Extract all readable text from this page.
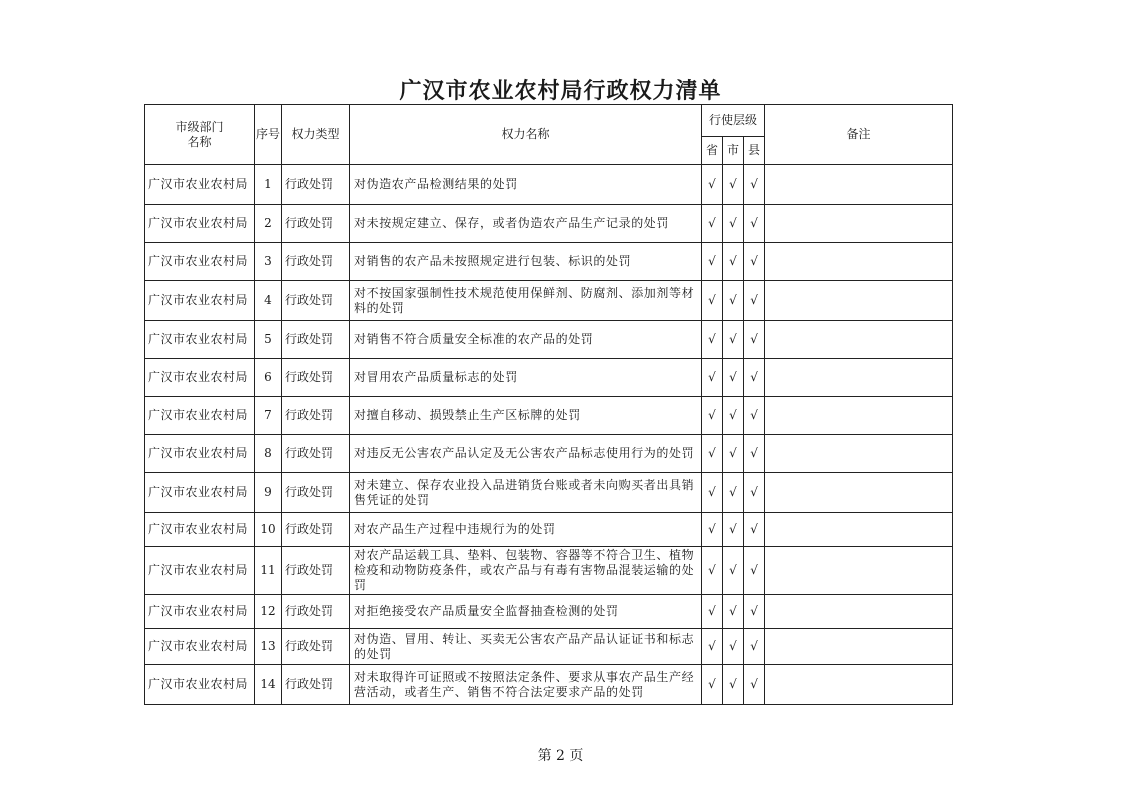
广汉市农业农村局行政权力清单
市级部门名称	序号	权力类型	权力名称	行使层级			备注
				省	市	县	
广汉市农业农村局	1	行政处罚	对伪造农产品检测结果的处罚	√	√	√	
广汉市农业农村局	2	行政处罚	对未按规定建立、保存，或者伪造农产品生产记录的处罚	√	√	√	
广汉市农业农村局	3	行政处罚	对销售的农产品未按照规定进行包装、标识的处罚	√	√	√	
广汉市农业农村局	4	行政处罚	对不按国家强制性技术规范使用保鲜剂、防腐剂、添加剂等材料的处罚	√	√	√	
广汉市农业农村局	5	行政处罚	对销售不符合质量安全标准的农产品的处罚	√	√	√	
广汉市农业农村局	6	行政处罚	对冒用农产品质量标志的处罚	√	√	√	
广汉市农业农村局	7	行政处罚	对擅自移动、损毁禁止生产区标牌的处罚	√	√	√	
广汉市农业农村局	8	行政处罚	对违反无公害农产品认定及无公害农产品标志使用行为的处罚	√	√	√	
广汉市农业农村局	9	行政处罚	对未建立、保存农业投入品进销货台账或者未向购买者出具销售凭证的处罚	√	√	√	
广汉市农业农村局	10	行政处罚	对农产品生产过程中违规行为的处罚	√	√	√	
广汉市农业农村局	11	行政处罚	对农产品运载工具、垫料、包装物、容器等不符合卫生、植物检疫和动物防疫条件，或农产品与有毒有害物品混装运输的处罚	√	√	√	
广汉市农业农村局	12	行政处罚	对拒绝接受农产品质量安全监督抽查检测的处罚	√	√	√	
广汉市农业农村局	13	行政处罚	对伪造、冒用、转让、买卖无公害农产品产品认证证书和标志的处罚	√	√	√	
广汉市农业农村局	14	行政处罚	对未取得许可证照或不按照法定条件、要求从事农产品生产经营活动，或者生产、销售不符合法定要求产品的处罚	√	√	√	
第 2 页
